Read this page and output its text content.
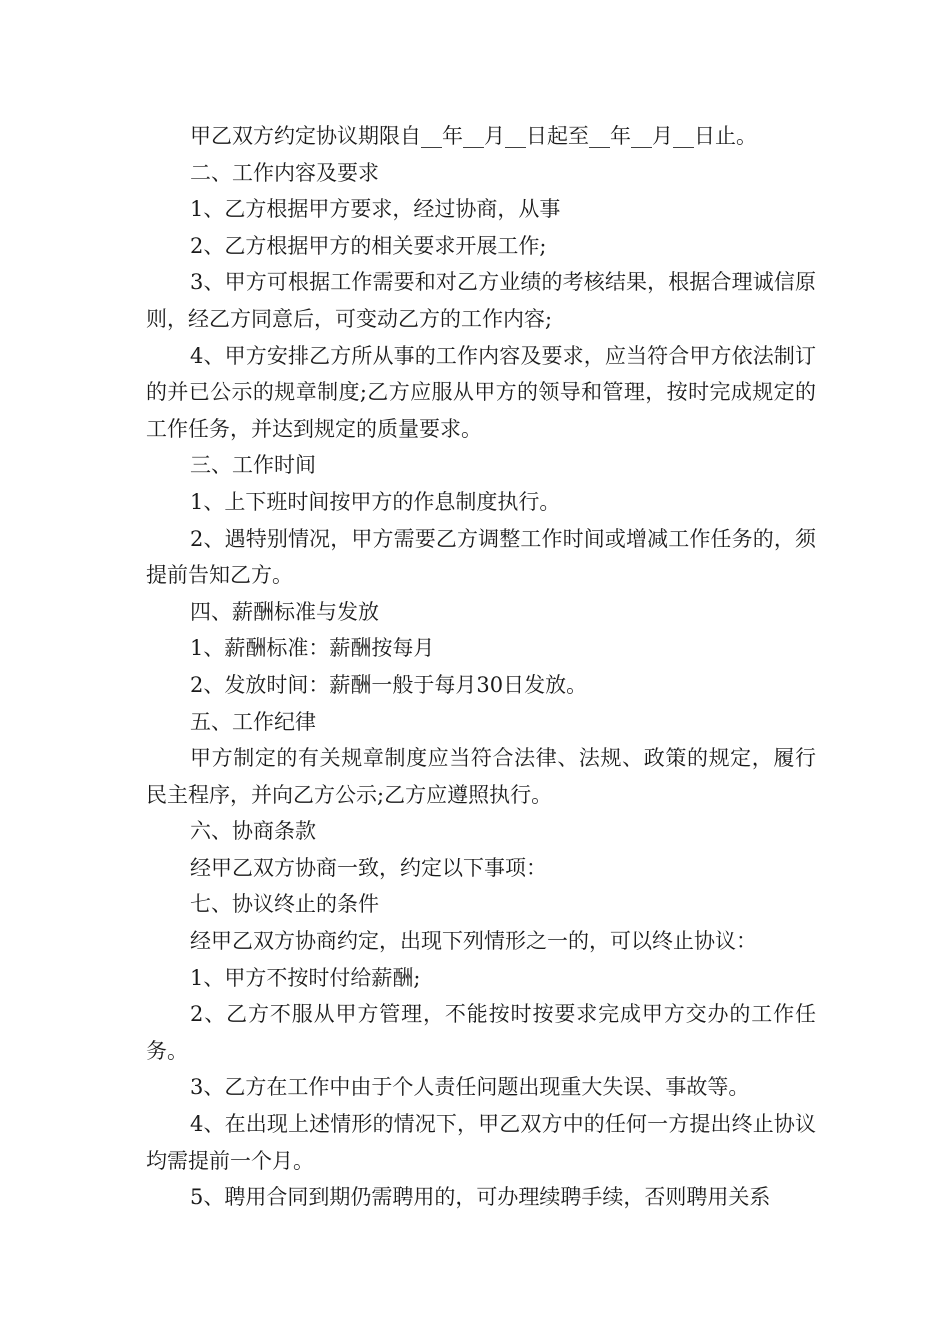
甲乙双方约定协议期限自__年__月__日起至__年__月__日止。

二、工作内容及要求

1、乙方根据甲方要求，经过协商，从事

2、乙方根据甲方的相关要求开展工作;

3、甲方可根据工作需要和对乙方业绩的考核结果，根据合理诚信原则，经乙方同意后，可变动乙方的工作内容;

4、甲方安排乙方所从事的工作内容及要求，应当符合甲方依法制订的并已公示的规章制度;乙方应服从甲方的领导和管理，按时完成规定的工作任务，并达到规定的质量要求。

三、工作时间

1、上下班时间按甲方的作息制度执行。

2、遇特别情况，甲方需要乙方调整工作时间或增减工作任务的，须提前告知乙方。

四、薪酬标准与发放

1、薪酬标准：薪酬按每月

2、发放时间：薪酬一般于每月30日发放。

五、工作纪律

甲方制定的有关规章制度应当符合法律、法规、政策的规定，履行民主程序，并向乙方公示;乙方应遵照执行。

六、协商条款

经甲乙双方协商一致，约定以下事项：

七、协议终止的条件

经甲乙双方协商约定，出现下列情形之一的，可以终止协议：

1、甲方不按时付给薪酬;

2、乙方不服从甲方管理，不能按时按要求完成甲方交办的工作任务。

3、乙方在工作中由于个人责任问题出现重大失误、事故等。

4、在出现上述情形的情况下，甲乙双方中的任何一方提出终止协议均需提前一个月。

5、聘用合同到期仍需聘用的，可办理续聘手续，否则聘用关系
